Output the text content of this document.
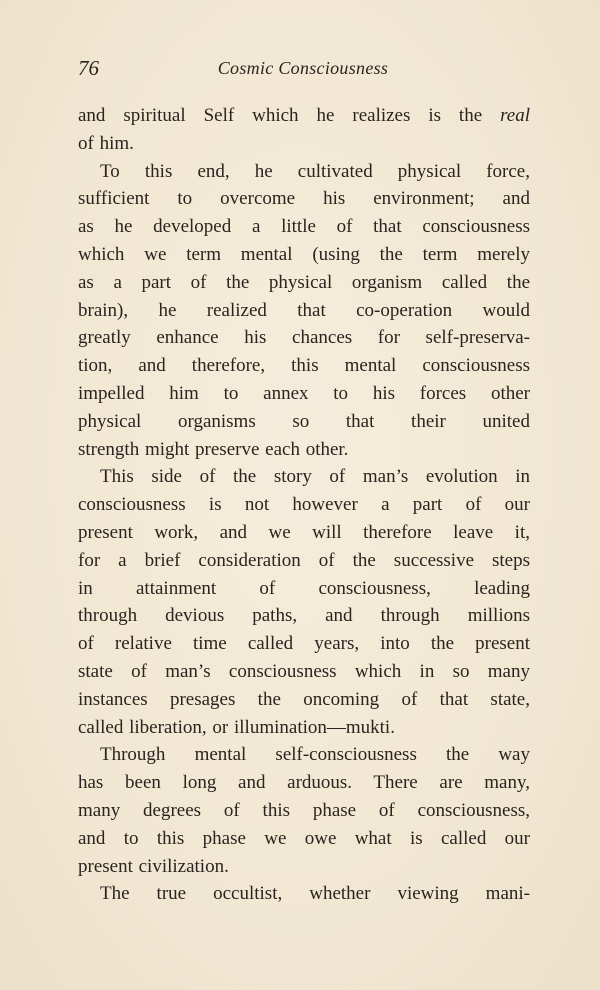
76	Cosmic Consciousness
and spiritual Self which he realizes is the real
of him.
To this end, he cultivated physical force,
sufficient to overcome his environment; and
as he developed a little of that consciousness
which we term mental (using the term merely
as a part of the physical organism called the
brain), he realized that co-operation would
greatly enhance his chances for self-preserva-
tion, and therefore, this mental consciousness
impelled him to annex to his forces other
physical organisms so that their united
strength might preserve each other.
This side of the story of man’s evolution in
consciousness is not however a part of our
present work, and we will therefore leave it,
for a brief consideration of the successive steps
in attainment of consciousness, leading
through devious paths, and through millions
of relative time called years, into the present
state of man’s consciousness which in so many
instances presages the oncoming of that state,
called liberation, or illumination—mukti.
Through mental self-consciousness the way
has been long and arduous. There are many,
many degrees of this phase of consciousness,
and to this phase we owe what is called our
present civilization.
The true occultist, whether viewing mani-
